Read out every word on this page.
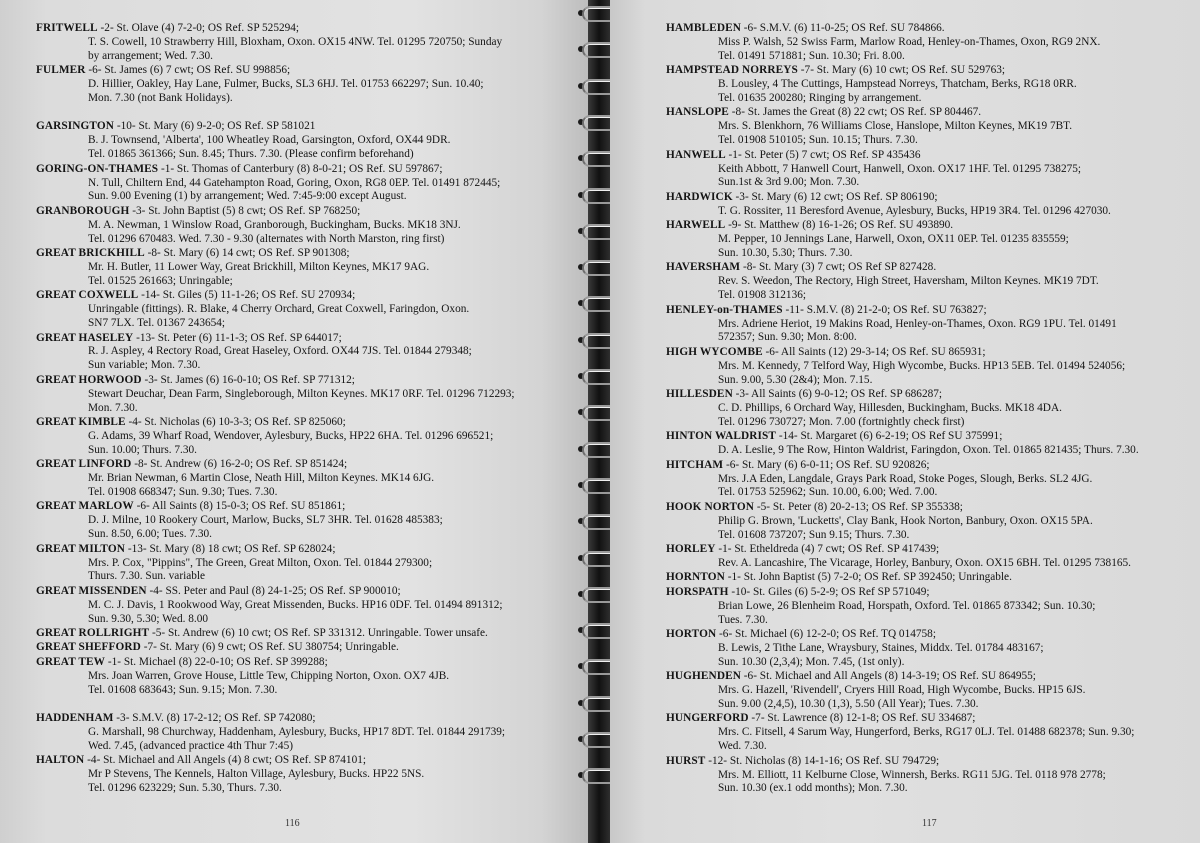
FRITWELL -2- St. Olave (4) 7-2-0; OS Ref. SP 525294;
T. S. Cowell, 10 Strawberry Hill, Bloxham, Oxon. OX15 4NW. Tel. 01295 720750; Sunday
by arrangement; Wed. 7.30.
FULMER -6- St. James (6) 7 cwt; OS Ref. SU 998856;
D. Hillier, Oakley, Hay Lane, Fulmer, Bucks, SL3 6HJ. Tel. 01753 662297; Sun. 10.40;
Mon. 7.30 (not Bank Holidays).
GARSINGTON -10- St. Mary (6) 9-2-0; OS Ref. SP 581021
B. J. Townsend, 'Alberta', 100 Wheatley Road, Garsington, Oxford, OX44 9DR.
Tel. 01865 361366; Sun. 8.45; Thurs. 7.30. (Please confirm beforehand)
GORING-ON-THAMES -1- St. Thomas of Canterbury (8) 8-0-21; OS Ref. SU 597867;
N. Tull, Chiltern End, 44 Gatehampton Road, Goring, Oxon, RG8 0EP. Tel. 01491 872445;
Sun. 9.00 Evening (1) by arrangement; Wed. 7:45-9:00 except August.
GRANBOROUGH -3- St. John Baptist (5) 8 cwt; OS Ref. SP 768250;
M. A. Newman, 1 Winslow Road, Granborough, Buckingham, Bucks. MK18 3NJ.
Tel. 01296 670483. Wed. 7.30 - 9.30 (alternates with North Marston, ring first)
GREAT BRICKHILL -8- St. Mary (6) 14 cwt; OS Ref. SP 901308;
Mr. H. Butler, 11 Lower Way, Great Brickhill, Milton Keynes, MK17 9AG.
Tel. 01525 261663; Unringable;
GREAT COXWELL -14- St. Giles (5) 11-1-26; OS Ref. SU 270934;
Unringable (fittings). R. Blake, 4 Cherry Orchard, Great Coxwell, Faringdon, Oxon.
SN7 7LX. Tel. 01367 243654;
GREAT HASELEY -13- St. Peter (6) 11-1-3; OS Ref. SP 644017;
R. J. Aspley, 4 Rectory Road, Great Haseley, Oxford. OX44 7JS. Tel. 01844 279348;
Sun variable; Mon. 7.30.
GREAT HORWOOD -3- St. James (6) 16-0-10; OS Ref. SP 771312;
Stewart Deuchar, Dean Farm, Singleborough, Milton Keynes. MK17 0RF. Tel. 01296 712293;
Mon. 7.30.
GREAT KIMBLE -4- St. Nicholas (6) 10-3-3; OS Ref. SP 825060;
G. Adams, 39 Wharf Road, Wendover, Aylesbury, Bucks, HP22 6HA. Tel. 01296 696521;
Sun. 10.00; Thurs. 7.30.
GREAT LINFORD -8- St. Andrew (6) 16-2-0; OS Ref. SP 851424;
Mr. Brian Newman, 6 Martin Close, Neath Hill, Milton Keynes. MK14 6JG.
Tel. 01908 668347; Sun. 9.30; Tues. 7.30.
GREAT MARLOW -6- All Saints (8) 15-0-3; OS Ref. SU 851861;
D. J. Milne, 10 Rookery Court, Marlow, Bucks, SL7 3HR. Tel. 01628 485383;
Sun. 8.50, 6.00; Tues. 7.30.
GREAT MILTON -13- St. Mary (8) 18 cwt; OS Ref. SP 628024;
Mrs. P. Cox, "Pippins", The Green, Great Milton, Oxon. Tel. 01844 279300;
Thurs. 7.30. Sun. variable
GREAT MISSENDEN -4- SS. Peter and Paul (8) 24-1-25; OS Ref. SP 900010;
M. C. J. Davis, 1 Rookwood Way, Great Missenden, Bucks. HP16 0DF. Tel. 01494 891312;
Sun. 9.30, 5.30; Wed. 8.00
GREAT ROLLRIGHT -5- St. Andrew (6) 10 cwt; OS Ref. SP 331312. Unringable. Tower unsafe.
GREAT SHEFFORD -7- St. Mary (6) 9 cwt; OS Ref. SU 380754; Unringable.
GREAT TEW -1- St. Michael (8) 22-0-10; OS Ref. SP 399288;
Mrs. Joan Warren, Grove House, Little Tew, Chipping Norton, Oxon. OX7 4JB.
Tel. 01608 683643; Sun. 9.15; Mon. 7.30.
HADDENHAM -3- S.M.V. (8) 17-2-12; OS Ref. SP 742080;
G. Marshall, 98 Churchway, Haddenham, Aylesbury, Bucks, HP17 8DT. Tel. 01844 291739;
Wed. 7.45, (advanced practice 4th Thur 7:45)
HALTON -4- St. Michael and All Angels (4) 8 cwt; OS Ref. SP 874101;
Mr P Stevens, The Kennels, Halton Village, Aylesbury, Bucks. HP22 5NS.
Tel. 01296 623229; Sun. 5.30, Thurs. 7.30.
116
HAMBLEDEN -6- S.M.V. (6) 11-0-25; OS Ref. SU 784866.
Miss P. Walsh, 52 Swiss Farm, Marlow Road, Henley-on-Thames, Oxon, RG9 2NX.
Tel. 01491 571881; Sun. 10.30; Fri. 8.00.
HAMPSTEAD NORREYS -7- St. Mary (6) 10 cwt; OS Ref. SU 529763;
B. Lousley, 4 The Cuttings, Hampstead Norreys, Thatcham, Berks, RG18 0RR.
Tel. 01635 200280; Ringing by arrangement.
HANSLOPE -8- St. James the Great (8) 22 cwt; OS Ref. SP 804467.
Mrs. S. Blenkhorn, 76 Williams Close, Hanslope, Milton Keynes, MK19 7BT.
Tel. 01908 510105; Sun. 10.15; Thurs. 7.30.
HANWELL -1- St. Peter (5) 7 cwt; OS Ref. SP 435436
Keith Abbott, 7 Hanwell Court, Hanwell, Oxon. OX17 1HF. Tel. 01295 738275;
Sun.1st & 3rd 9.00; Mon. 7.30.
HARDWICK -3- St. Mary (6) 12 cwt; OS Ref. SP 806190;
T. G. Rossiter, 11 Beresford Avenue, Aylesbury, Bucks, HP19 3R4. Tel. 01296 427030.
HARWELL -9- St. Matthew (8) 16-1-26; OS Ref. SU 493890.
M. Pepper, 10 Jennings Lane, Harwell, Oxon, OX11 0EP. Tel. 01235 835559;
Sun. 10.30, 5.30; Thurs. 7.30.
HAVERSHAM -8- St. Mary (3) 7 cwt; OS Ref SP 827428.
Rev. S. Weedon, The Rectory, High Street, Haversham, Milton Keynes. MK19 7DT.
Tel. 01908 312136;
HENLEY-on-THAMES -11- S.M.V. (8) 21-2-0; OS Ref. SU 763827;
Mrs. Adriene Heriot, 19 Makins Road, Henley-on-Thames, Oxon. RG9 1PU. Tel. 01491
572357; Sun. 9.30; Mon. 8:00.
HIGH WYCOMBE -6- All Saints (12) 29-3-14; OS Ref. SU 865931;
Mrs. M. Kennedy, 7 Telford Way, High Wycombe, Bucks. HP13 5EB. Tel. 01494 524056;
Sun. 9.00, 5.30 (2&4); Mon. 7.15.
HILLESDEN -3- All Saints (6) 9-0-12; OS Ref. SP 686287;
C. D. Phillips, 6 Orchard Way, Hillesden, Buckingham, Bucks. MK18 4DA.
Tel. 01296 730727; Mon. 7.00 (fortnightly check first)
HINTON WALDRIST -14- St. Margaret (6) 6-2-19; OS Ref SU 375991;
D. A. Leslie, 9 The Row, Hinton Waldrist, Faringdon, Oxon. Tel. 01865 821435; Thurs. 7.30.
HITCHAM -6- St. Mary (6) 6-0-11; OS Ref. SU 920826;
Mrs. J.A Eden, Langdale, Grays Park Road, Stoke Poges, Slough, Berks. SL2 4JG.
Tel. 01753 525962; Sun. 10.00, 6.00; Wed. 7.00.
HOOK NORTON -5- St. Peter (8) 20-2-13; OS Ref. SP 355338;
Philip G. Brown, 'Lucketts', Clay Bank, Hook Norton, Banbury, Oxon. OX15 5PA.
Tel. 01608 737207; Sun 9.15; Thurs. 7.30.
HORLEY -1- St. Etheldreda (4) 7 cwt; OS Ref. SP 417439;
Rev. A. Lancashire, The Vicarage, Horley, Banbury, Oxon. OX15 6BH. Tel. 01295 738165.
HORNTON -1- St. John Baptist (5) 7-2-0; OS Ref. SP 392450; Unringable.
HORSPATH -10- St. Giles (6) 5-2-9; OS Ref SP 571049;
Brian Lowe, 26 Blenheim Road, Horspath, Oxford. Tel. 01865 873342; Sun. 10.30;
Tues. 7.30.
HORTON -6- St. Michael (6) 12-2-0; OS Ref. TQ 014758;
B. Lewis, 2 Tithe Lane, Wraysbury, Staines, Middx. Tel. 01784 483167;
Sun. 10.30 (2,3,4); Mon. 7.45, (1st only).
HUGHENDEN -6- St. Michael and All Angels (8) 14-3-19; OS Ref. SU 864955;
Mrs. G. Hazell, 'Rivendell', Cryers Hill Road, High Wycombe, Bucks. HP15 6JS.
Sun. 9.00 (2,4,5), 10.30 (1,3), 5.50 (All Year); Tues. 7.30.
HUNGERFORD -7- St. Lawrence (8) 12-1-8; OS Ref. SU 334687;
Mrs. C. Fitsell, 4 Sarum Way, Hungerford, Berks, RG17 0LJ. Tel. 01488 682378; Sun. 9.30;
Wed. 7.30.
HURST -12- St. Nicholas (8) 14-1-16; OS Ref. SU 794729;
Mrs. M. Elliott, 11 Kelburne Close, Winnersh, Berks. RG11 5JG. Tel. 0118 978 2778;
Sun. 10.30 (ex.1 odd months); Mon. 7.30.
117
